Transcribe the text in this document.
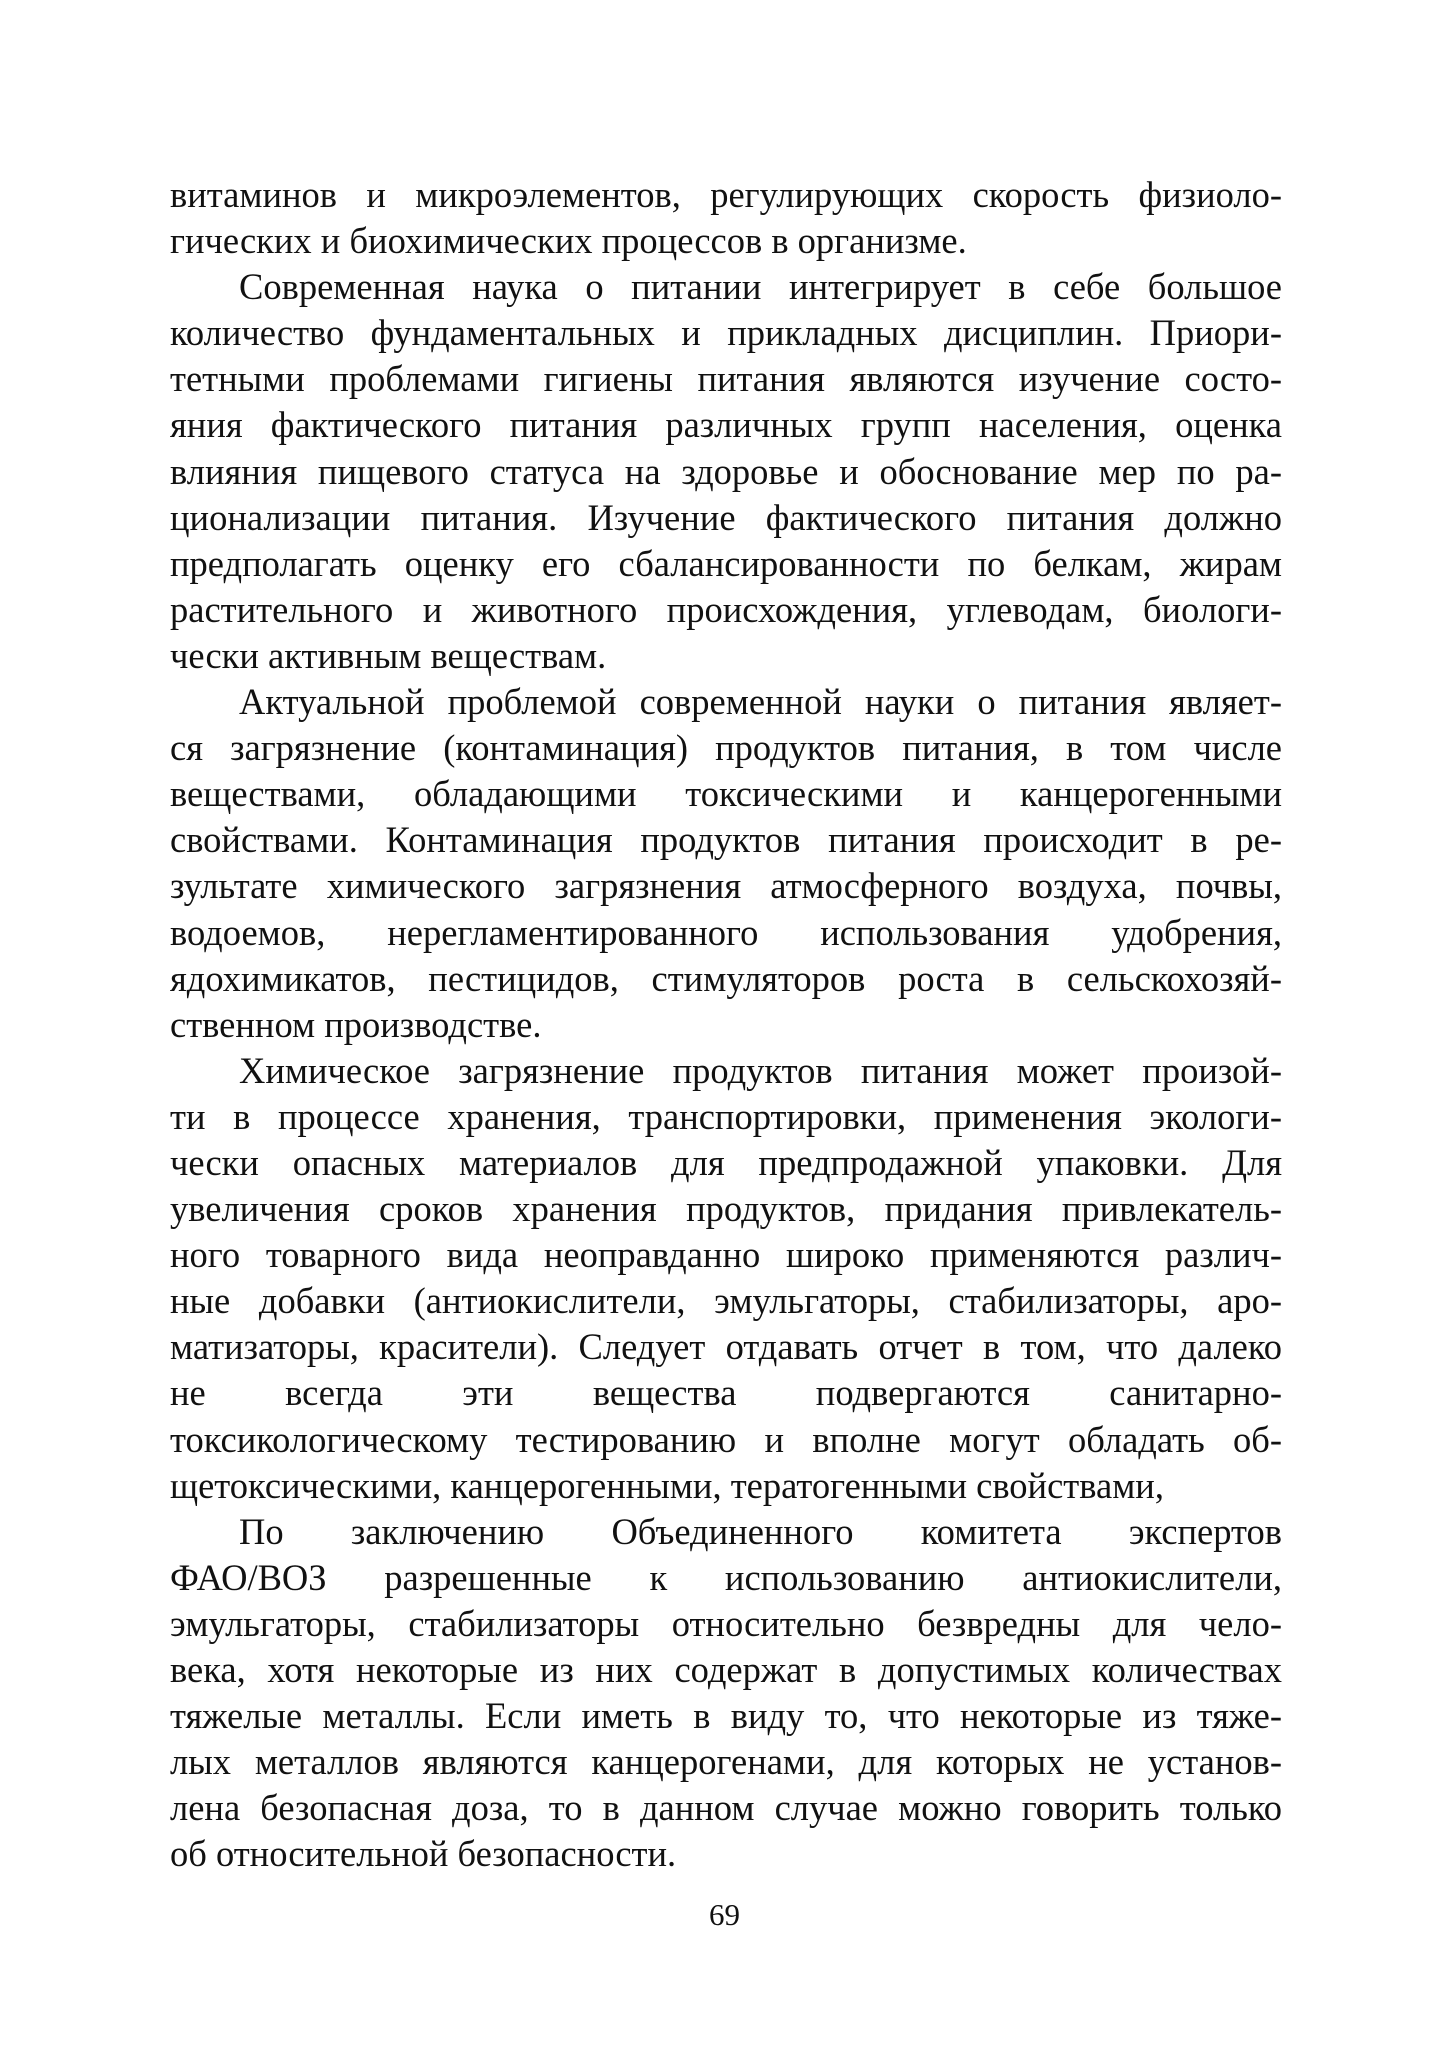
витаминов и микроэлементов, регулирующих скорость физиоло-
гических и биохимических процессов в организме.
Современная наука о питании интегрирует в себе большое
количество фундаментальных и прикладных дисциплин. Приори-
тетными проблемами гигиены питания являются изучение состо-
яния фактического питания различных групп населения, оценка
влияния пищевого статуса на здоровье и обоснование мер по ра-
ционализации питания. Изучение фактического питания должно
предполагать оценку его сбалансированности по белкам, жирам
растительного и животного происхождения, углеводам, биологи-
чески активным веществам.
Актуальной проблемой современной науки о питания являет-
ся загрязнение (контаминация) продуктов питания, в том числе
веществами, обладающими токсическими и канцерогенными
свойствами. Контаминация продуктов питания происходит в ре-
зультате химического загрязнения атмосферного воздуха, почвы,
водоемов, нерегламентированного использования удобрения,
ядохимикатов, пестицидов, стимуляторов роста в сельскохозяй-
ственном производстве.
Химическое загрязнение продуктов питания может произой-
ти в процессе хранения, транспортировки, применения экологи-
чески опасных материалов для предпродажной упаковки. Для
увеличения сроков хранения продуктов, придания привлекатель-
ного товарного вида неоправданно широко применяются различ-
ные добавки (антиокислители, эмульгаторы, стабилизаторы, аро-
матизаторы, красители). Следует отдавать отчет в том, что далеко
не всегда эти вещества подвергаются санитарно-
токсикологическому тестированию и вполне могут обладать об-
щетоксическими, канцерогенными, тератогенными свойствами,
По заключению Объединенного комитета экспертов
ФАО/ВОЗ разрешенные к использованию антиокислители,
эмульгаторы, стабилизаторы относительно безвредны для чело-
века, хотя некоторые из них содержат в допустимых количествах
тяжелые металлы. Если иметь в виду то, что некоторые из тяже-
лых металлов являются канцерогенами, для которых не установ-
лена безопасная доза, то в данном случае можно говорить только
об относительной безопасности.
69
